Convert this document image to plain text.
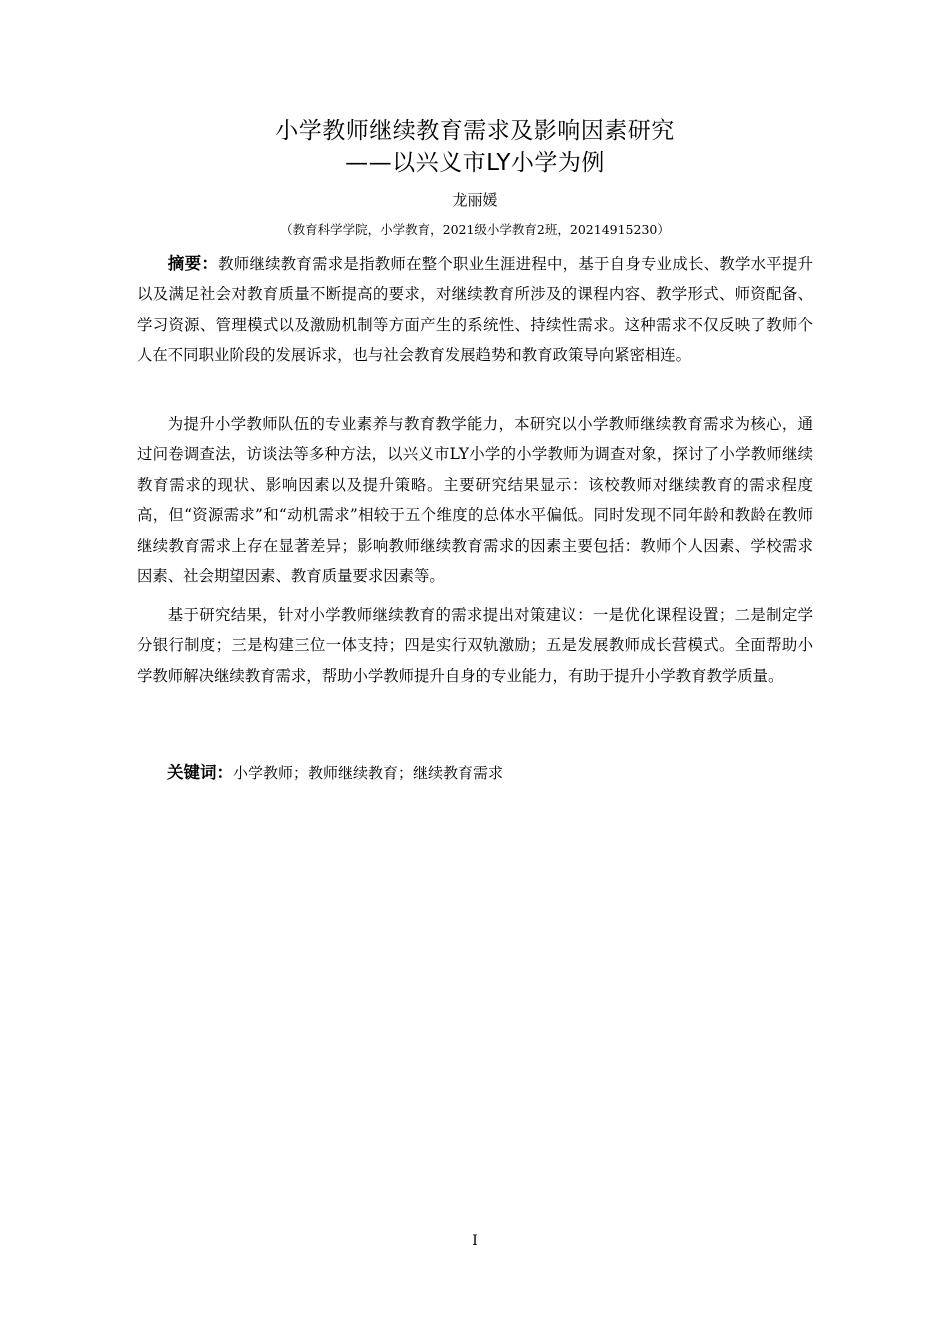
小学教师继续教育需求及影响因素研究
——以兴义市LY小学为例
龙丽媛
（教育科学学院，小学教育，2021级小学教育2班，20214915230）

摘要：教师继续教育需求是指教师在整个职业生涯进程中，基于自身专业成长、教学水平提升以及满足社会对教育质量不断提高的要求，对继续教育所涉及的课程内容、教学形式、师资配备、学习资源、管理模式以及激励机制等方面产生的系统性、持续性需求。这种需求不仅反映了教师个人在不同职业阶段的发展诉求，也与社会教育发展趋势和教育政策导向紧密相连。

为提升小学教师队伍的专业素养与教育教学能力，本研究以小学教师继续教育需求为核心，通过问卷调查法，访谈法等多种方法，以兴义市LY小学的小学教师为调查对象，探讨了小学教师继续教育需求的现状、影响因素以及提升策略。主要研究结果显示：该校教师对继续教育的需求程度高，但“资源需求”和“动机需求”相较于五个维度的总体水平偏低。同时发现不同年龄和教龄在教师继续教育需求上存在显著差异；影响教师继续教育需求的因素主要包括：教师个人因素、学校需求因素、社会期望因素、教育质量要求因素等。

基于研究结果，针对小学教师继续教育的需求提出对策建议：一是优化课程设置；二是制定学分银行制度；三是构建三位一体支持；四是实行双轨激励；五是发展教师成长营模式。全面帮助小学教师解决继续教育需求，帮助小学教师提升自身的专业能力，有助于提升小学教育教学质量。

关键词：小学教师；教师继续教育；继续教育需求
I
